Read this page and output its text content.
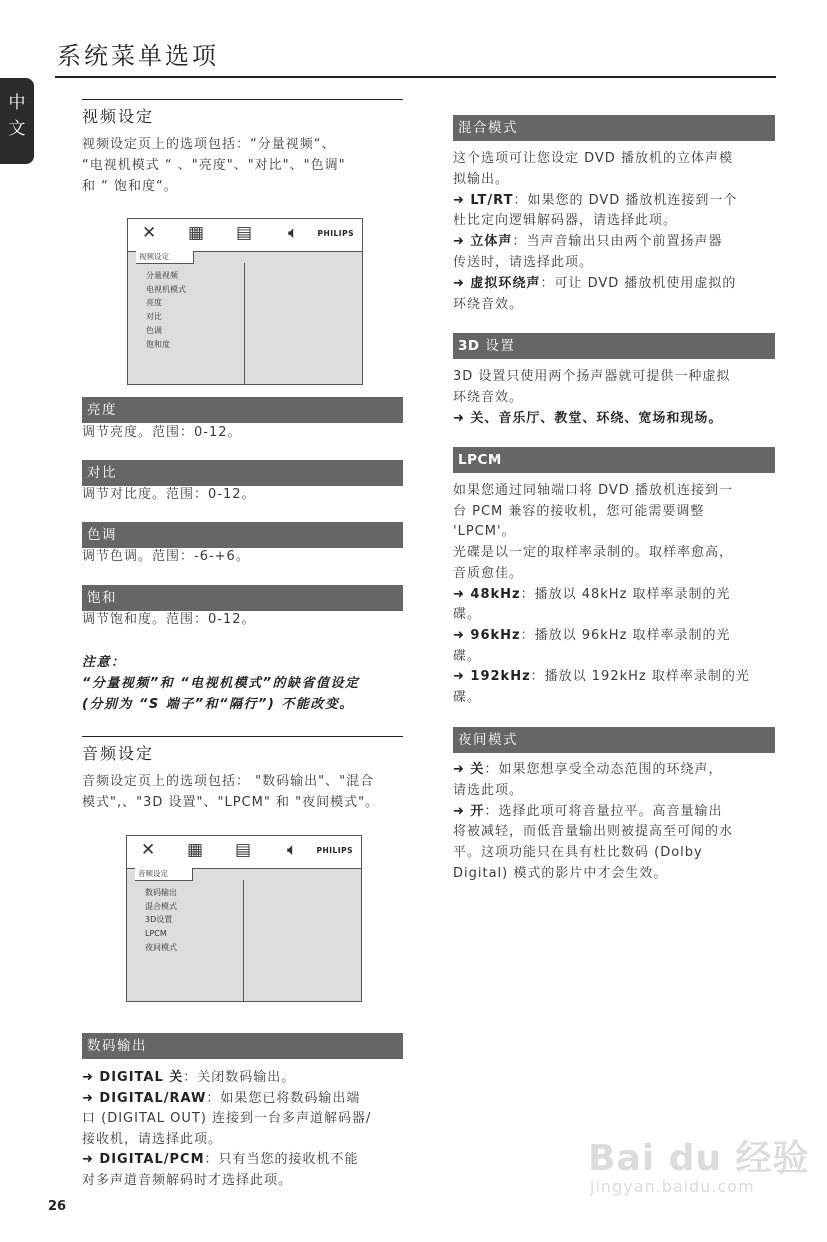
系统菜单选项
中
文
视频设定
视频设定页上的选项包括：“分量视频“、
“电视机模式 “ 、"亮度"、"对比"、"色调"
和 “ 饱和度“。
✕ ▦ ▤ 🔈︎	PHILIPS
视频设定
分量视频
电视机模式
亮度
对比
色调
饱和度
亮度
调节亮度。范围：0-12。
对比
调节对比度。范围：0-12。
色调
调节色调。范围：-6-+6。
饱和
调节饱和度。范围：0-12。
注意：
“分量视频”和 “电视机模式”的缺省值设定
(分别为 “S 端子”和“隔行”) 不能改变。
音频设定
音频设定页上的选项包括： "数码输出"、"混合
模式",、"3D 设置"、"LPCM" 和 "夜间模式"。
✕ ▦ ▤ 🔈︎	PHILIPS
音频设定
数码输出
混合模式
3D设置
LPCM
夜间模式
数码输出
➜ DIGITAL 关：关闭数码输出。
➜ DIGITAL/RAW：如果您已将数码输出端
口 (DIGITAL OUT) 连接到一台多声道解码器/
接收机，请选择此项。
➜ DIGITAL/PCM：只有当您的接收机不能
对多声道音频解码时才选择此项。
混合模式
这个选项可让您设定 DVD 播放机的立体声模
拟输出。
➜ LT/RT：如果您的 DVD 播放机连接到一个
杜比定向逻辑解码器，请选择此项。
➜ 立体声：当声音输出只由两个前置扬声器
传送时，请选择此项。
➜ 虚拟环绕声：可让 DVD 播放机使用虚拟的
环绕音效。
3D 设置
3D 设置只使用两个扬声器就可提供一种虚拟
环绕音效。
➜ 关、音乐厅、教堂、环绕、宽场和现场。
LPCM
如果您通过同轴端口将 DVD 播放机连接到一
台 PCM 兼容的接收机，您可能需要调整
'LPCM'。
光碟是以一定的取样率录制的。取样率愈高，
音质愈佳。
➜ 48kHz：播放以 48kHz 取样率录制的光
碟。
➜ 96kHz：播放以 96kHz 取样率录制的光
碟。
➜ 192kHz：播放以 192kHz 取样率录制的光
碟。
夜间模式
➜ 关：如果您想享受全动态范围的环绕声，
请选此项。
➜ 开：选择此项可将音量拉平。高音量输出
将被减轻，而低音量输出则被提高至可闻的水
平。这项功能只在具有杜比数码 (Dolby
Digital) 模式的影片中才会生效。
26
Bai du 经验
jingyan.baidu.com
